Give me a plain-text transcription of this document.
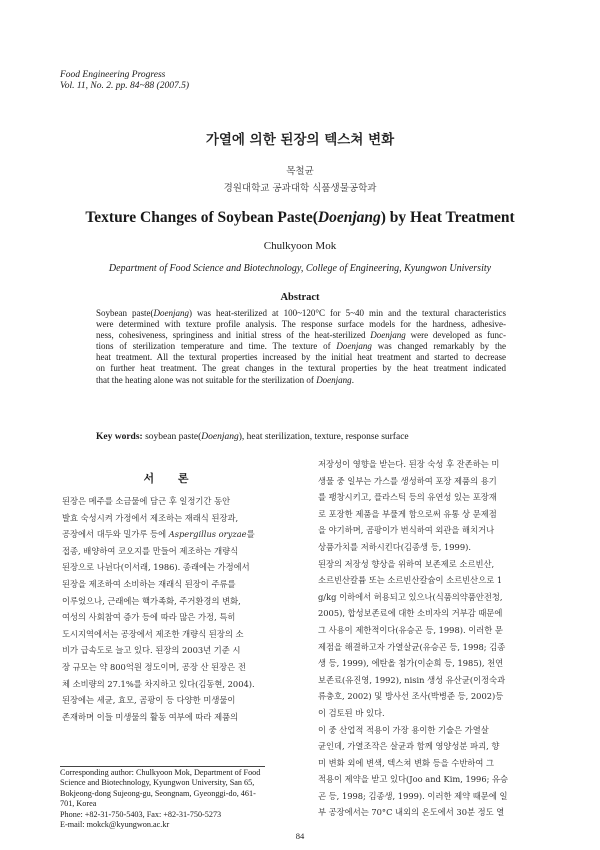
Food Engineering Progress
Vol. 11, No. 2. pp. 84~88 (2007.5)
가열에 의한 된장의 텍스쳐 변화
목철균
경원대학교 공과대학 식품생물공학과
Texture Changes of Soybean Paste(Doenjang) by Heat Treatment
Chulkyoon Mok
Department of Food Science and Biotechnology, College of Engineering, Kyungwon University
Abstract
Soybean paste(Doenjang) was heat-sterilized at 100~120°C for 5~40 min and the textural characteristics
were determined with texture profile analysis. The response surface models for the hardness, adhesive-
ness, cohesiveness, springiness and initial stress of the heat-sterilized Doenjang were developed as func-
tions of sterilization temperature and time. The texture of Doenjang was changed remarkably by the
heat treatment. All the textural properties increased by the initial heat treatment and started to decrease
on further heat treatment. The great changes in the textural properties by the heat treatment indicated
that the heating alone was not suitable for the sterilization of Doenjang.
Key words: soybean paste(Doenjang), heat sterilization, texture, response surface
서 론
된장은 메주를 소금물에 담근 후 일정기간 동안
발효 숙성시켜 가정에서 제조하는 재래식 된장과,
공장에서 대두와 밀가루 등에 Aspergillus oryzae를
접종, 배양하여 코오지를 만들어 제조하는 개량식
된장으로 나뉜다(이서래, 1986). 종래에는 가정에서
된장을 제조하여 소비하는 재래식 된장이 주류를
이루었으나, 근래에는 핵가족화, 주거환경의 변화,
여성의 사회참여 증가 등에 따라 많은 가정, 특히
도시지역에서는 공장에서 제조한 개량식 된장의 소
비가 급속도로 늘고 있다. 된장의 2003년 기준 시
장 규모는 약 800억원 정도이며, 공장 산 된장은 전
체 소비량의 27.1%를 차지하고 있다(김동현, 2004).
된장에는 세균, 효모, 곰팡이 등 다양한 미생물이
존재하며 이들 미생물의 활동 여부에 따라 제품의
저장성이 영향을 받는다. 된장 숙성 후 잔존하는 미
생물 중 일부는 가스를 생성하여 포장 제품의 용기
를 팽창시키고, 플라스틱 등의 유연성 있는 포장재
로 포장한 제품을 부풀게 함으로써 유통 상 문제점
을 야기하며, 곰팡이가 번식하여 외관을 해치거나
상품가치를 저하시킨다(김종생 등, 1999).
된장의 저장성 향상을 위하여 보존제로 소르빈산,
소르빈산칼륨 또는 소르빈산칼슘이 소르빈산으로 1
g/kg 이하에서 허용되고 있으나(식품의약품안전청,
2005), 합성보존료에 대한 소비자의 거부감 때문에
그 사용이 제한적이다(유승곤 등, 1998). 이러한 문
제점을 해결하고자 가열살균(유승곤 등, 1998; 김종
생 등, 1999), 에탄올 첨가(이순희 등, 1985), 천연
보존료(유진영, 1992), nisin 생성 유산균(이정숙과
류충호, 2002) 및 방사선 조사(박병준 등, 2002)등
이 검토된 바 있다.
이 중 산업적 적용이 가장 용이한 기술은 가열살
균인데, 가열조작은 살균과 함께 영양성분 파괴, 향
미 변화 외에 변색, 텍스쳐 변화 등을 수반하여 그
적용이 제약을 받고 있다(Joo and Kim, 1996; 유승
곤 등, 1998; 김종생, 1999). 이러한 제약 때문에 일
부 공장에서는 70°C 내외의 온도에서 30분 정도 열
Corresponding author: Chulkyoon Mok, Department of Food
Science and Biotechnology, Kyungwon University, San 65,
Bokjeong-dong Sujeong-gu, Seongnam, Gyeonggi-do, 461-
701, Korea
Phone: +82-31-750-5403, Fax: +82-31-750-5273
E-mail: mokck@kyungwon.ac.kr
84
